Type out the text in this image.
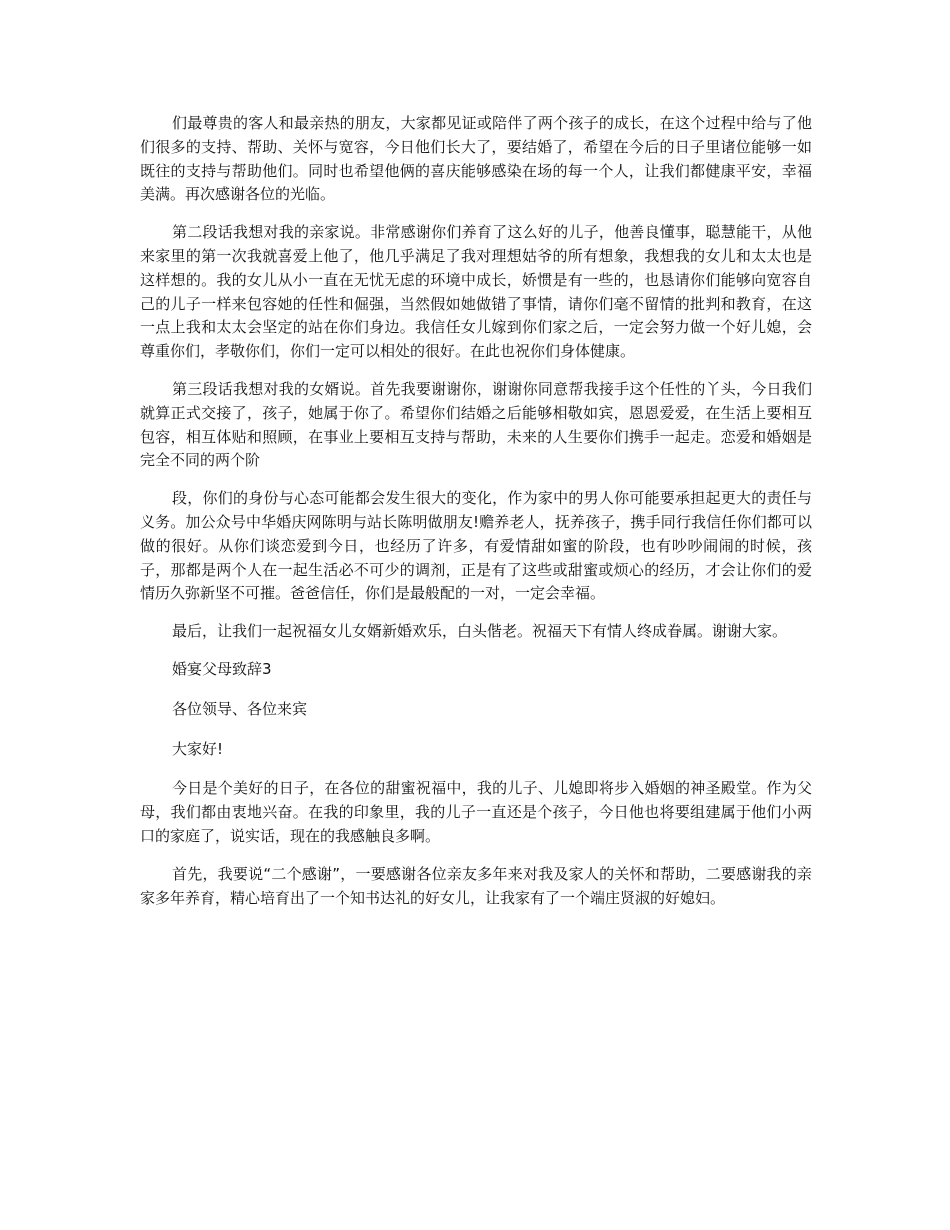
们最尊贵的客人和最亲热的朋友，大家都见证或陪伴了两个孩子的成长，在这个过程中给与了他们很多的支持、帮助、关怀与宽容，今日他们长大了，要结婚了，希望在今后的日子里诸位能够一如既往的支持与帮助他们。同时也希望他俩的喜庆能够感染在场的每一个人，让我们都健康平安，幸福美满。再次感谢各位的光临。

第二段话我想对我的亲家说。非常感谢你们养育了这么好的儿子，他善良懂事，聪慧能干，从他来家里的第一次我就喜爱上他了，他几乎满足了我对理想姑爷的所有想象，我想我的女儿和太太也是这样想的。我的女儿从小一直在无忧无虑的环境中成长，娇惯是有一些的，也恳请你们能够向宽容自己的儿子一样来包容她的任性和倔强，当然假如她做错了事情，请你们毫不留情的批判和教育，在这一点上我和太太会坚定的站在你们身边。我信任女儿嫁到你们家之后，一定会努力做一个好儿媳，会尊重你们，孝敬你们，你们一定可以相处的很好。在此也祝你们身体健康。

第三段话我想对我的女婿说。首先我要谢谢你，谢谢你同意帮我接手这个任性的丫头，今日我们就算正式交接了，孩子，她属于你了。希望你们结婚之后能够相敬如宾，恩恩爱爱，在生活上要相互包容，相互体贴和照顾，在事业上要相互支持与帮助，未来的人生要你们携手一起走。恋爱和婚姻是完全不同的两个阶

段，你们的身份与心态可能都会发生很大的变化，作为家中的男人你可能要承担起更大的责任与义务。加公众号中华婚庆网陈明与站长陈明做朋友!赡养老人，抚养孩子，携手同行我信任你们都可以做的很好。从你们谈恋爱到今日，也经历了许多，有爱情甜如蜜的阶段，也有吵吵闹闹的时候，孩子，那都是两个人在一起生活必不可少的调剂，正是有了这些或甜蜜或烦心的经历，才会让你们的爱情历久弥新坚不可摧。爸爸信任，你们是最般配的一对，一定会幸福。

最后，让我们一起祝福女儿女婿新婚欢乐，白头偕老。祝福天下有情人终成眷属。谢谢大家。

婚宴父母致辞3

各位领导、各位来宾

大家好!

今日是个美好的日子，在各位的甜蜜祝福中，我的儿子、儿媳即将步入婚姻的神圣殿堂。作为父母，我们都由衷地兴奋。在我的印象里，我的儿子一直还是个孩子，今日他也将要组建属于他们小两口的家庭了，说实话，现在的我感触良多啊。

首先，我要说“二个感谢”，一要感谢各位亲友多年来对我及家人的关怀和帮助，二要感谢我的亲家多年养育，精心培育出了一个知书达礼的好女儿，让我家有了一个端庄贤淑的好媳妇。
